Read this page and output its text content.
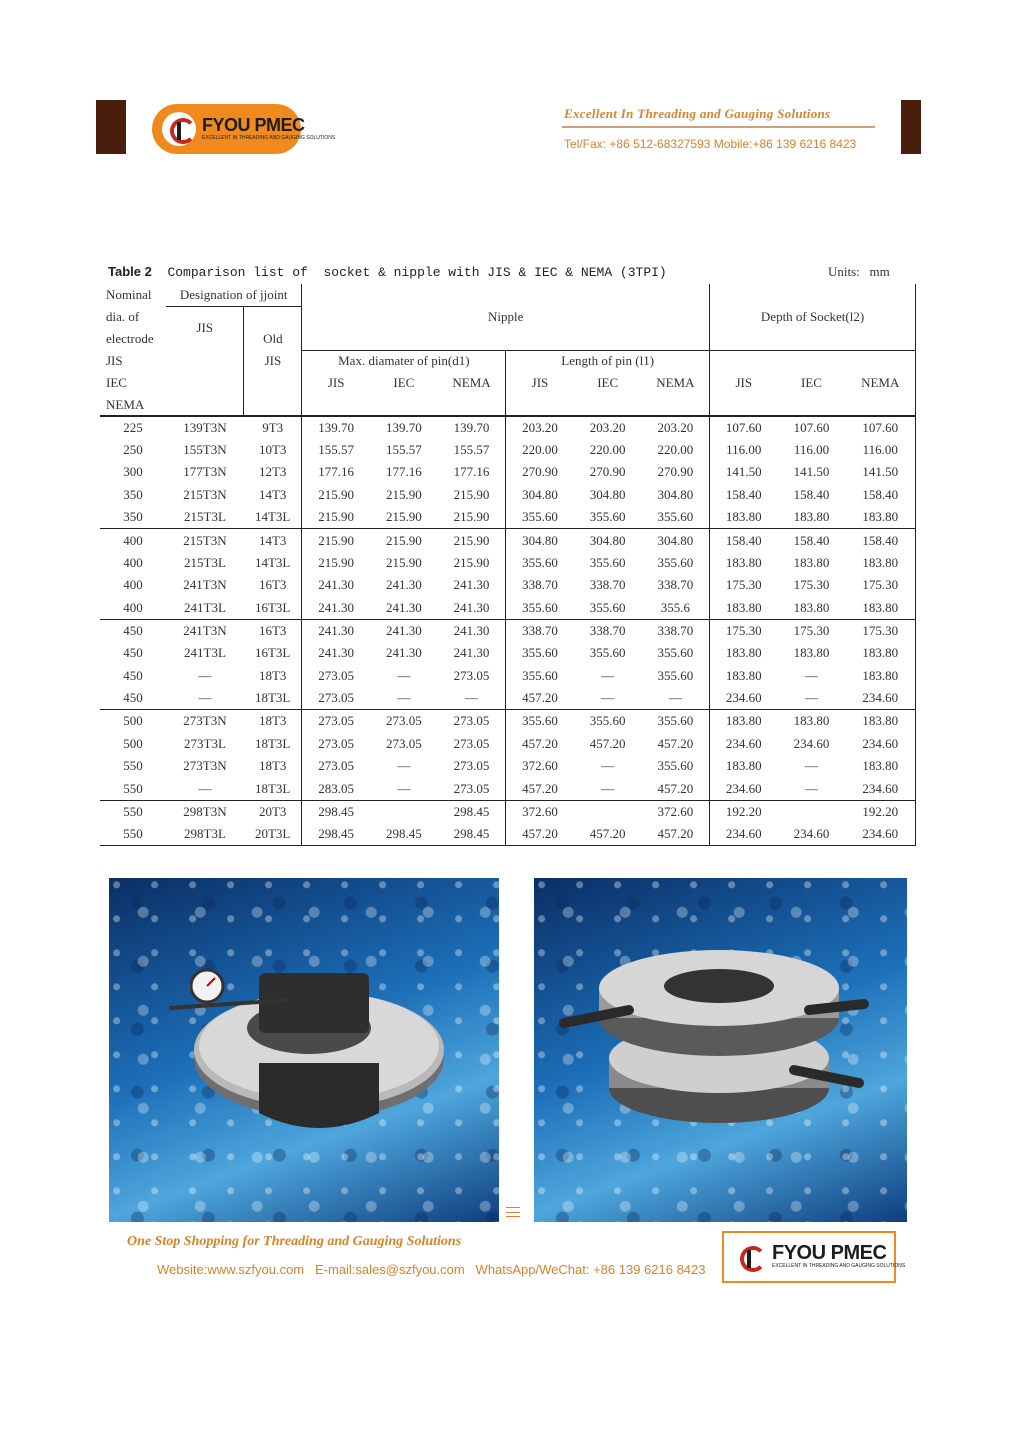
FYOU PMEC
EXCELLENT IN THREADING AND GAUGING SOLUTIONS
Excellent In Threading and Gauging Solutions
Tel/Fax: +86 512-68327593 Mobile:+86 139 6216 8423
Table 2  Comparison list of  socket & nipple with JIS & IEC & NEMA (3TPI)	Units:   mm
Nominal	Designation of jjoint		Nipple						Depth of Socket(l2)		
dia. of	JIS										
electrode		Old									
JIS		JIS	Max. diamater of pin(d1)			Length of pin (l1)					
IEC			JIS	IEC	NEMA	JIS	IEC	NEMA	JIS	IEC	NEMA
NEMA											
225	139T3N	9T3	139.70	139.70	139.70	203.20	203.20	203.20	107.60	107.60	107.60
250	155T3N	10T3	155.57	155.57	155.57	220.00	220.00	220.00	116.00	116.00	116.00
300	177T3N	12T3	177.16	177.16	177.16	270.90	270.90	270.90	141.50	141.50	141.50
350	215T3N	14T3	215.90	215.90	215.90	304.80	304.80	304.80	158.40	158.40	158.40
350	215T3L	14T3L	215.90	215.90	215.90	355.60	355.60	355.60	183.80	183.80	183.80
400	215T3N	14T3	215.90	215.90	215.90	304.80	304.80	304.80	158.40	158.40	158.40
400	215T3L	14T3L	215.90	215.90	215.90	355.60	355.60	355.60	183.80	183.80	183.80
400	241T3N	16T3	241.30	241.30	241.30	338.70	338.70	338.70	175.30	175.30	175.30
400	241T3L	16T3L	241.30	241.30	241.30	355.60	355.60	355.6	183.80	183.80	183.80
450	241T3N	16T3	241.30	241.30	241.30	338.70	338.70	338.70	175.30	175.30	175.30
450	241T3L	16T3L	241.30	241.30	241.30	355.60	355.60	355.60	183.80	183.80	183.80
450	—	18T3	273.05	—	273.05	355.60	—	355.60	183.80	—	183.80
450	—	18T3L	273.05	—	—	457.20	—	—	234.60	—	234.60
500	273T3N	18T3	273.05	273.05	273.05	355.60	355.60	355.60	183.80	183.80	183.80
500	273T3L	18T3L	273.05	273.05	273.05	457.20	457.20	457.20	234.60	234.60	234.60
550	273T3N	18T3	273.05	—	273.05	372.60	—	355.60	183.80	—	183.80
550	—	18T3L	283.05	—	273.05	457.20	—	457.20	234.60	—	234.60
550	298T3N	20T3	298.45		298.45	372.60		372.60	192.20		192.20
550	298T3L	20T3L	298.45	298.45	298.45	457.20	457.20	457.20	234.60	234.60	234.60
One Stop Shopping for Threading and Gauging Solutions
Website:www.szfyou.com   E-mail:sales@szfyou.com   WhatsApp/WeChat: +86 139 6216 8423
FYOU PMEC
EXCELLENT IN THREADING AND GAUGING SOLUTIONS
